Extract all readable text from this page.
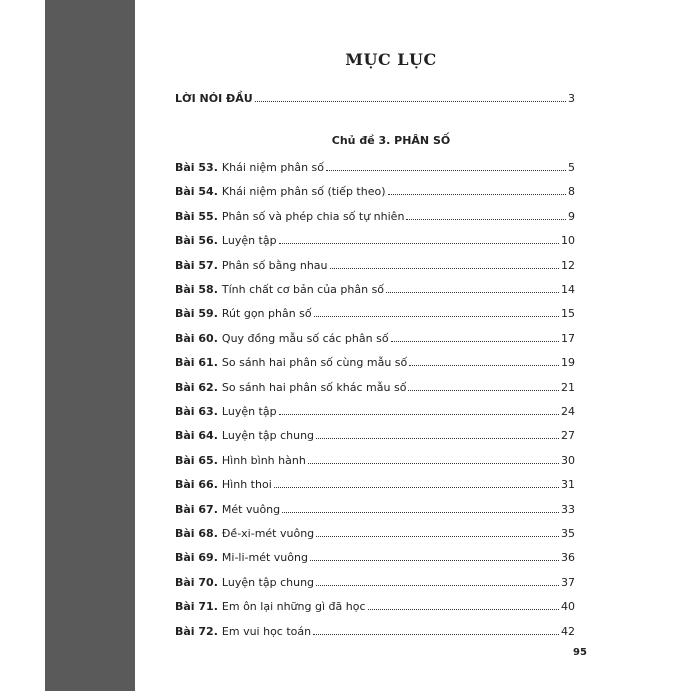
MỤC LỤC
LỜI NÓI ĐẦU	3
Chủ đề 3. PHÂN SỐ
Bài 53. Khái niệm phân số	5
Bài 54. Khái niệm phân số (tiếp theo)	8
Bài 55. Phân số và phép chia số tự nhiên	9
Bài 56. Luyện tập	10
Bài 57. Phân số bằng nhau	12
Bài 58. Tính chất cơ bản của phân số	14
Bài 59. Rút gọn phân số	15
Bài 60. Quy đồng mẫu số các phân số	17
Bài 61. So sánh hai phân số cùng mẫu số	19
Bài 62. So sánh hai phân số khác mẫu số	21
Bài 63. Luyện tập	24
Bài 64. Luyện tập chung	27
Bài 65. Hình bình hành	30
Bài 66. Hình thoi	31
Bài 67. Mét vuông	33
Bài 68. Đề-xi-mét vuông	35
Bài 69. Mi-li-mét vuông	36
Bài 70. Luyện tập chung	37
Bài 71. Em ôn lại những gì đã học	40
Bài 72. Em vui học toán	42
95
